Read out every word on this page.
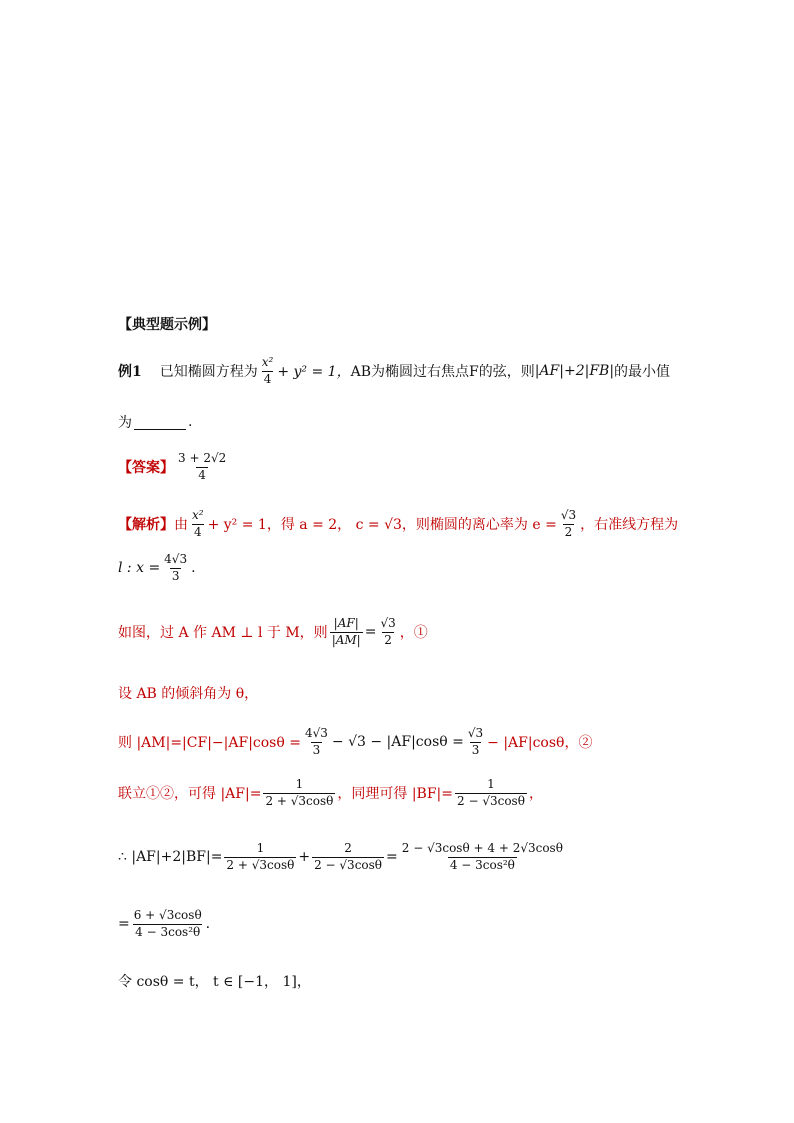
【典型题示例】
例1 已知椭圆方程为
x²
4 + y² = 1， AB为椭圆过右焦点F的弦，则 |AF|+2|FB| 的最小值
为	.
【答案】
3 + 2√2
4
【解析】 由
x²
4 + y² = 1，得 a = 2， c = √3，则椭圆的离心率为 $e = \frac{√3}{2}$ ，右准线方程为
l : $x = \frac{4√3}{3}$ .
如图，过 A 作 AM ⊥ l 于 M，则 $\frac{|AF|}{|AM|} = \frac{√3}{2}$ ，①
设 AB 的倾斜角为 θ，
则 $|AM|=|CF|-|AF|\cos\theta = \frac{4√3}{3} - √3 - |AF|\cos\theta = \frac{√3}{3} - |AF|\cos\theta$，②
联立①②，可得 $|AF|= \frac{1}{2 + √3\cos\theta}$ ，同理可得 $|BF|= \frac{1}{2 - √3\cos\theta}$ ，
∴ $|AF|+2|BF|= \frac{1}{2 + √3\cos\theta} + \frac{2}{2 - √3\cos\theta} = \frac{2 - √3\cos\theta + 4 + 2√3\cos\theta}{\text{4 − 3cos²θ}}$
= $\frac{6 + √3\cos\theta}{\text{4 − 3cos²θ}}$ .
令 cosθ = t， t ∈ [−1， 1]，
